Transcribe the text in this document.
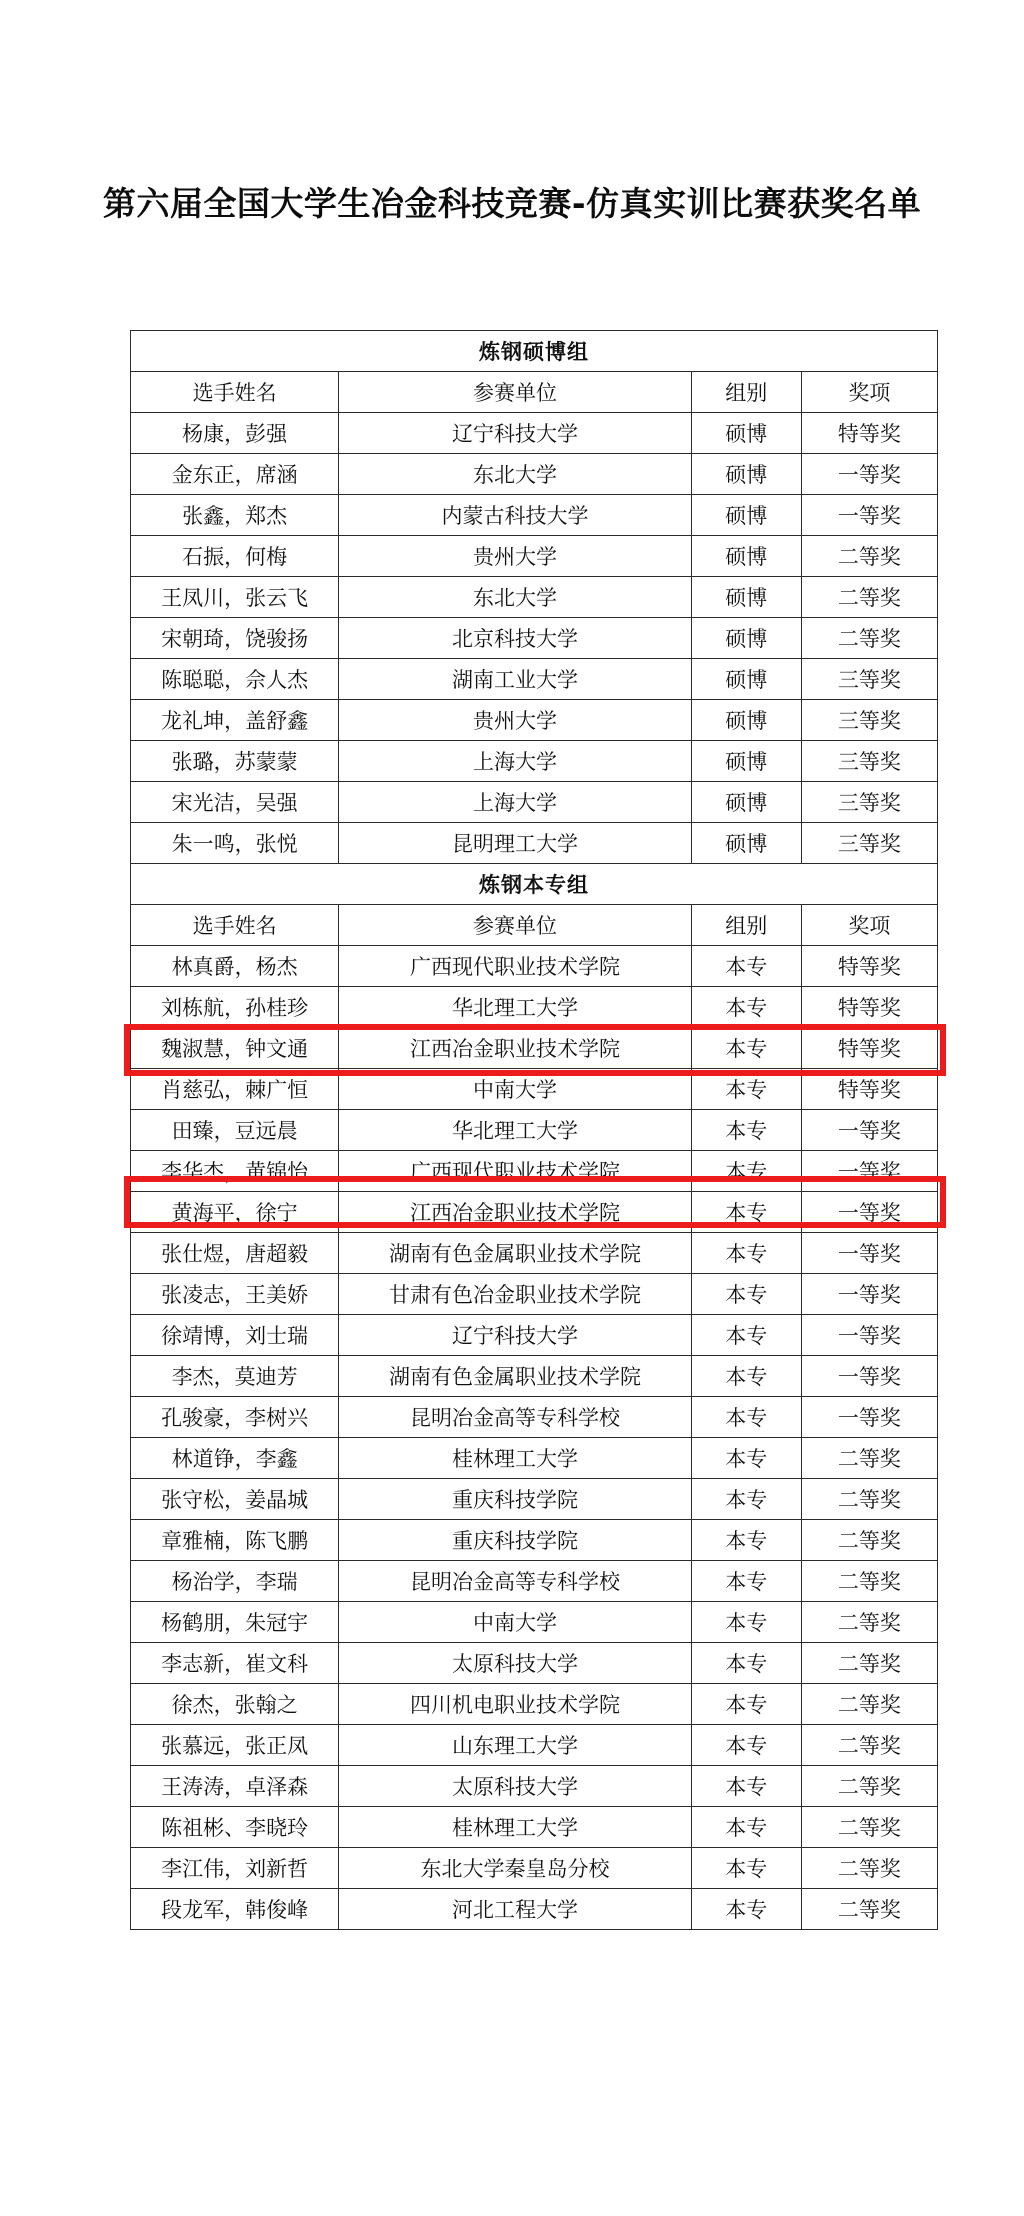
第六届全国大学生冶金科技竞赛-仿真实训比赛获奖名单
炼钢硕博组			
选手姓名	参赛单位	组别	奖项
杨康，彭强	辽宁科技大学	硕博	特等奖
金东正，席涵	东北大学	硕博	一等奖
张鑫，郑杰	内蒙古科技大学	硕博	一等奖
石振，何梅	贵州大学	硕博	二等奖
王凤川，张云飞	东北大学	硕博	二等奖
宋朝琦，饶骏扬	北京科技大学	硕博	二等奖
陈聪聪，佘人杰	湖南工业大学	硕博	三等奖
龙礼坤，盖舒鑫	贵州大学	硕博	三等奖
张璐，苏蒙蒙	上海大学	硕博	三等奖
宋光洁，吴强	上海大学	硕博	三等奖
朱一鸣，张悦	昆明理工大学	硕博	三等奖
炼钢本专组			
选手姓名	参赛单位	组别	奖项
林真爵，杨杰	广西现代职业技术学院	本专	特等奖
刘栋航，孙桂珍	华北理工大学	本专	特等奖
魏淑慧，钟文通	江西冶金职业技术学院	本专	特等奖
肖慈弘，棘广恒	中南大学	本专	特等奖
田臻，豆远晨	华北理工大学	本专	一等奖
李华杰，黄锦怡	广西现代职业技术学院	本专	一等奖
黄海平，徐宁	江西冶金职业技术学院	本专	一等奖
张仕煜，唐超毅	湖南有色金属职业技术学院	本专	一等奖
张凌志，王美娇	甘肃有色冶金职业技术学院	本专	一等奖
徐靖博，刘士瑞	辽宁科技大学	本专	一等奖
李杰，莫迪芳	湖南有色金属职业技术学院	本专	一等奖
孔骏豪，李树兴	昆明冶金高等专科学校	本专	一等奖
林道铮，李鑫	桂林理工大学	本专	二等奖
张守松，姜晶城	重庆科技学院	本专	二等奖
章雅楠，陈飞鹏	重庆科技学院	本专	二等奖
杨治学，李瑞	昆明冶金高等专科学校	本专	二等奖
杨鹤朋，朱冠宇	中南大学	本专	二等奖
李志新，崔文科	太原科技大学	本专	二等奖
徐杰，张翰之	四川机电职业技术学院	本专	二等奖
张慕远，张正凤	山东理工大学	本专	二等奖
王涛涛，卓泽森	太原科技大学	本专	二等奖
陈祖彬、李晓玲	桂林理工大学	本专	二等奖
李江伟，刘新哲	东北大学秦皇岛分校	本专	二等奖
段龙军，韩俊峰	河北工程大学	本专	二等奖
